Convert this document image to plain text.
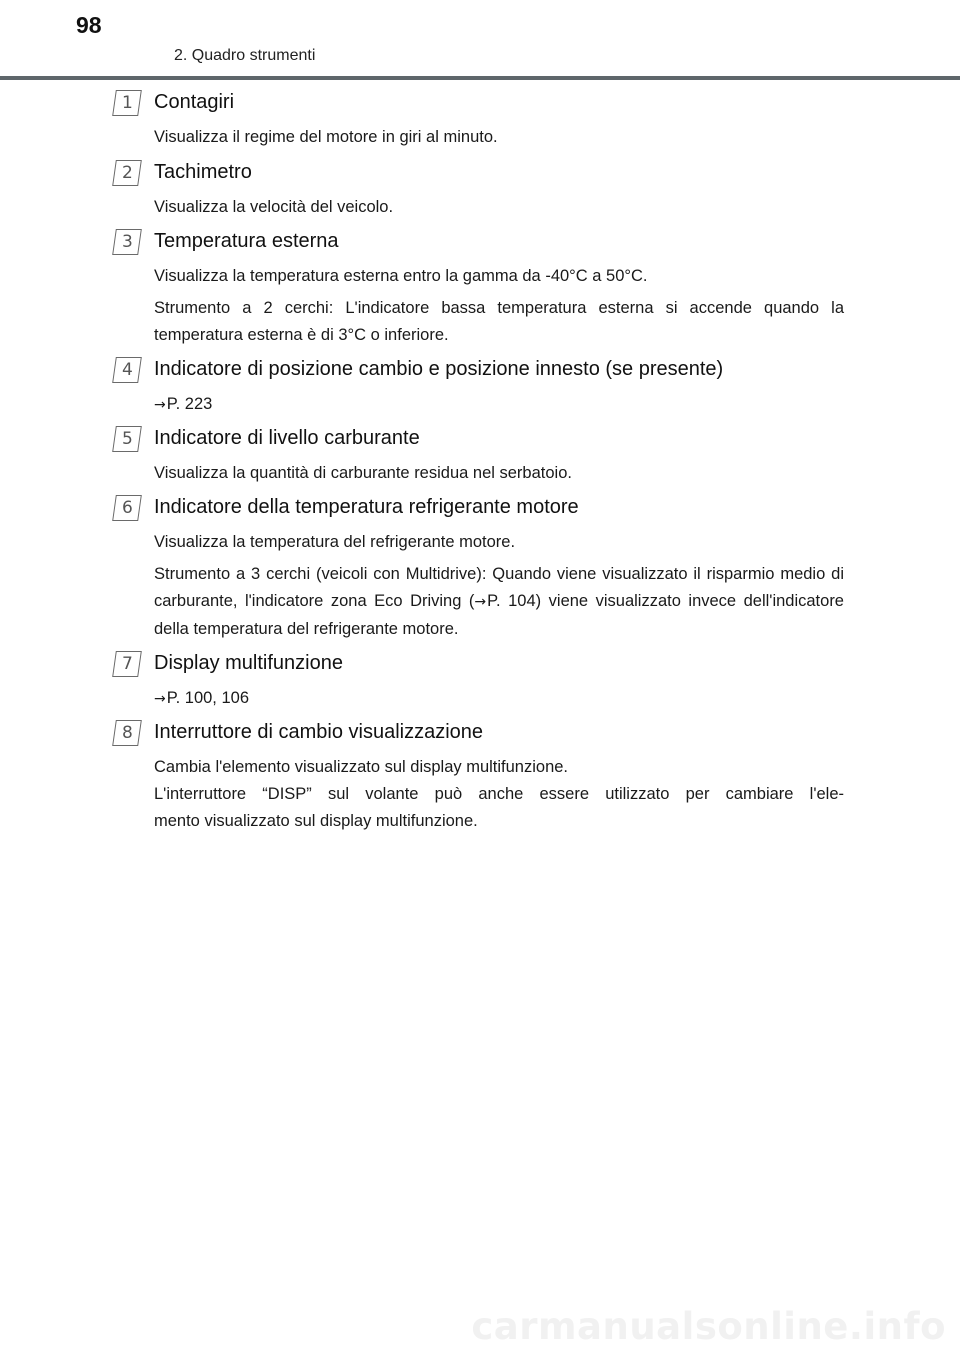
98
2. Quadro strumenti
1	Contagiri
Visualizza il regime del motore in giri al minuto.
2	Tachimetro
Visualizza la velocità del veicolo.
3	Temperatura esterna
Visualizza la temperatura esterna entro la gamma da -40°C a 50°C.
Strumento a 2 cerchi: L'indicatore bassa temperatura esterna si accende quando la temperatura esterna è di 3°C o inferiore.
4	Indicatore di posizione cambio e posizione innesto (se presente)
→P. 223
5	Indicatore di livello carburante
Visualizza la quantità di carburante residua nel serbatoio.
6	Indicatore della temperatura refrigerante motore
Visualizza la temperatura del refrigerante motore.
Strumento a 3 cerchi (veicoli con Multidrive): Quando viene visualizzato il risparmio medio di carburante, l'indicatore zona Eco Driving (→P. 104) viene visualizzato invece dell'indicatore della temperatura del refrigerante motore.
7	Display multifunzione
→P. 100, 106
8	Interruttore di cambio visualizzazione
Cambia l'elemento visualizzato sul display multifunzione.
L'interruttore “DISP” sul volante può anche essere utilizzato per cambiare l'ele-
mento visualizzato sul display multifunzione.
carmanualsonline.info
